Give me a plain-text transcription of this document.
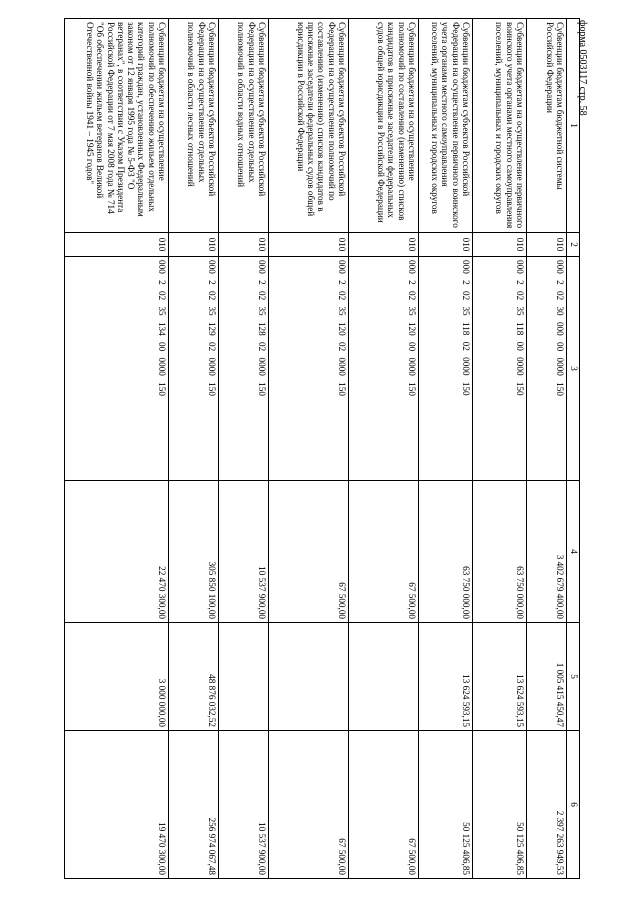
форма 0503117 стр. 58
1	2	3	4	5	6
Субвенции бюджетам бюджетной системы Российской Федерации	010	000 2 02 30 000 00 0000 150	3 402 679 400,00	1 005 415 450,47	2 397 263 949,53
Субвенции бюджетам на осуществление первичного воинского учета органами местного самоуправления поселений, муниципальных и городских округов	010	000 2 02 35 118 00 0000 150	63 750 000,00	13 624 593,15	50 125 406,85
Субвенции бюджетам субъектов Российской Федерации на осуществление первичного воинского учета органами местного самоуправления поселений, муниципальных и городских округов	010	000 2 02 35 118 02 0000 150	63 750 000,00	13 624 593,15	50 125 406,85
Субвенции бюджетам на осуществление полномочий по составлению (изменению) списков кандидатов в присяжные заседатели федеральных судов общей юрисдикции в Российской Федерации	010	000 2 02 35 120 00 0000 150	67 500,00		67 500,00
Субвенции бюджетам субъектов Российской Федерации на осуществление полномочий по составлению (изменению) списков кандидатов в присяжные заседатели федеральных судов общей юрисдикции в Российской Федерации	010	000 2 02 35 120 02 0000 150	67 500,00		67 500,00
Субвенции бюджетам субъектов Российской Федерации на осуществление отдельных полномочий в области водных отношений	010	000 2 02 35 128 02 0000 150	10 537 900,00		10 537 900,00
Субвенции бюджетам субъектов Российской Федерации на осуществление отдельных полномочий в области лесных отношений	010	000 2 02 35 129 02 0000 150	305 850 100,00	48 876 032,52	256 974 067,48
Субвенции бюджетам на осуществление полномочий по обеспечению жильем отдельных категорий граждан, установленных Федеральным законом от 12 января 1995 года № 5-ФЗ "О ветеранах", в соответствии с Указом Президента Российской Федерации от 7 мая 2008 года № 714 "Об обеспечении жильем ветеранов Великой Отечественной войны 1941 – 1945 годов"	010	000 2 02 35 134 00 0000 150	22 470 300,00	3 000 000,00	19 470 300,00
